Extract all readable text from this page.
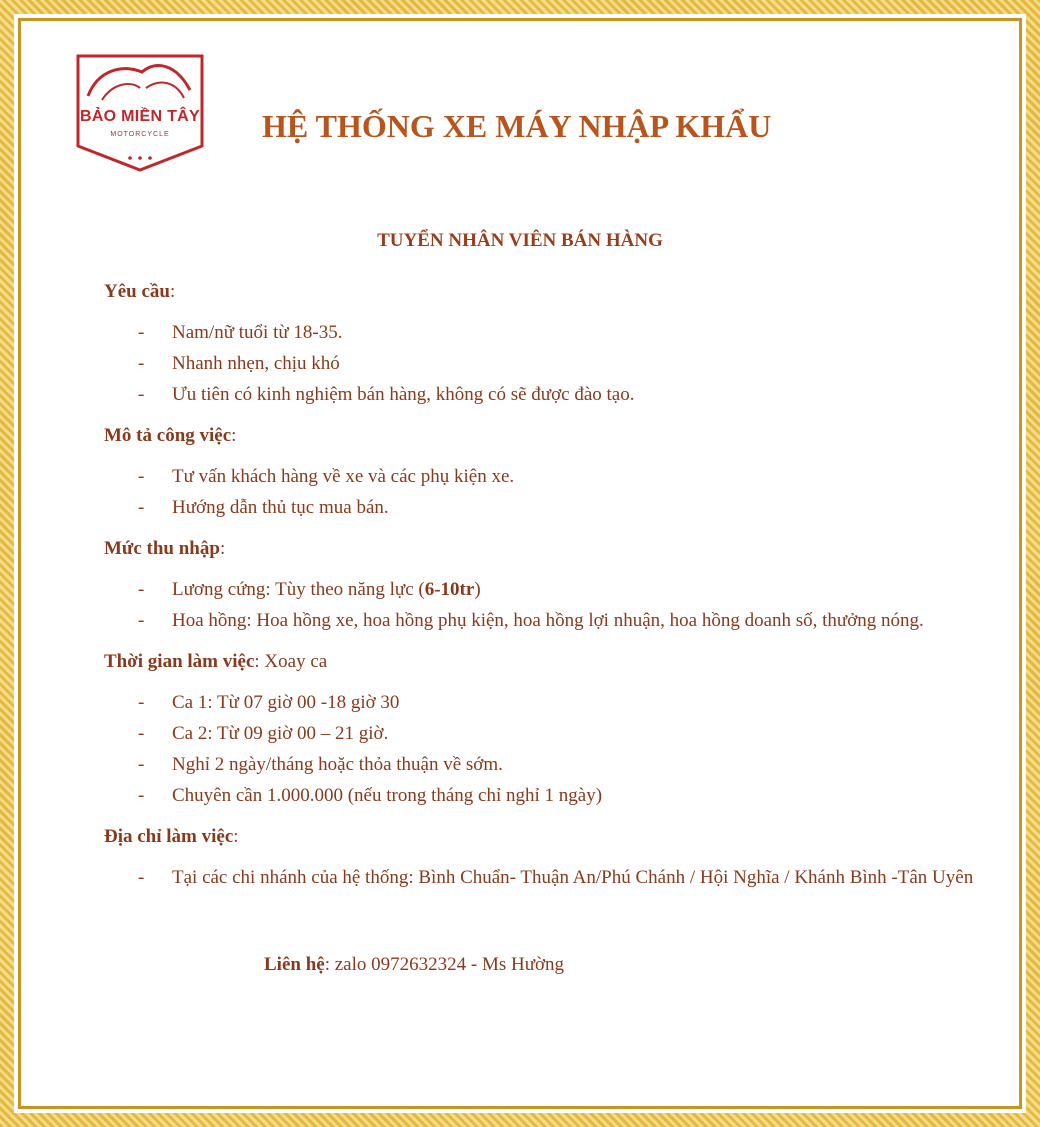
BẢO MIỀN TÂY
MOTORCYCLE	HỆ THỐNG XE MÁY NHẬP KHẨU
TUYỂN NHÂN VIÊN BÁN HÀNG

Yêu cầu:

- Nam/nữ tuổi từ 18-35.
- Nhanh nhẹn, chịu khó
- Ưu tiên có kinh nghiệm bán hàng, không có sẽ được đào tạo.

Mô tả công việc:

- Tư vấn khách hàng về xe và các phụ kiện xe.
- Hướng dẫn thủ tục mua bán.

Mức thu nhập:

- Lương cứng: Tùy theo năng lực (6-10tr)
- Hoa hồng: Hoa hồng xe, hoa hồng phụ kiện, hoa hồng lợi nhuận, hoa hồng doanh số, thưởng nóng.

Thời gian làm việc: Xoay ca

- Ca 1: Từ 07 giờ 00 -18 giờ 30
- Ca 2: Từ 09 giờ 00 – 21 giờ.
- Nghỉ 2 ngày/tháng hoặc thỏa thuận về sớm.
- Chuyên cần 1.000.000 (nếu trong tháng chỉ nghỉ 1 ngày)

Địa chỉ làm việc:

- Tại các chi nhánh của hệ thống: Bình Chuẩn- Thuận An/Phú Chánh / Hội Nghĩa / Khánh Bình -Tân Uyên

Liên hệ: zalo 0972632324 - Ms Hường
